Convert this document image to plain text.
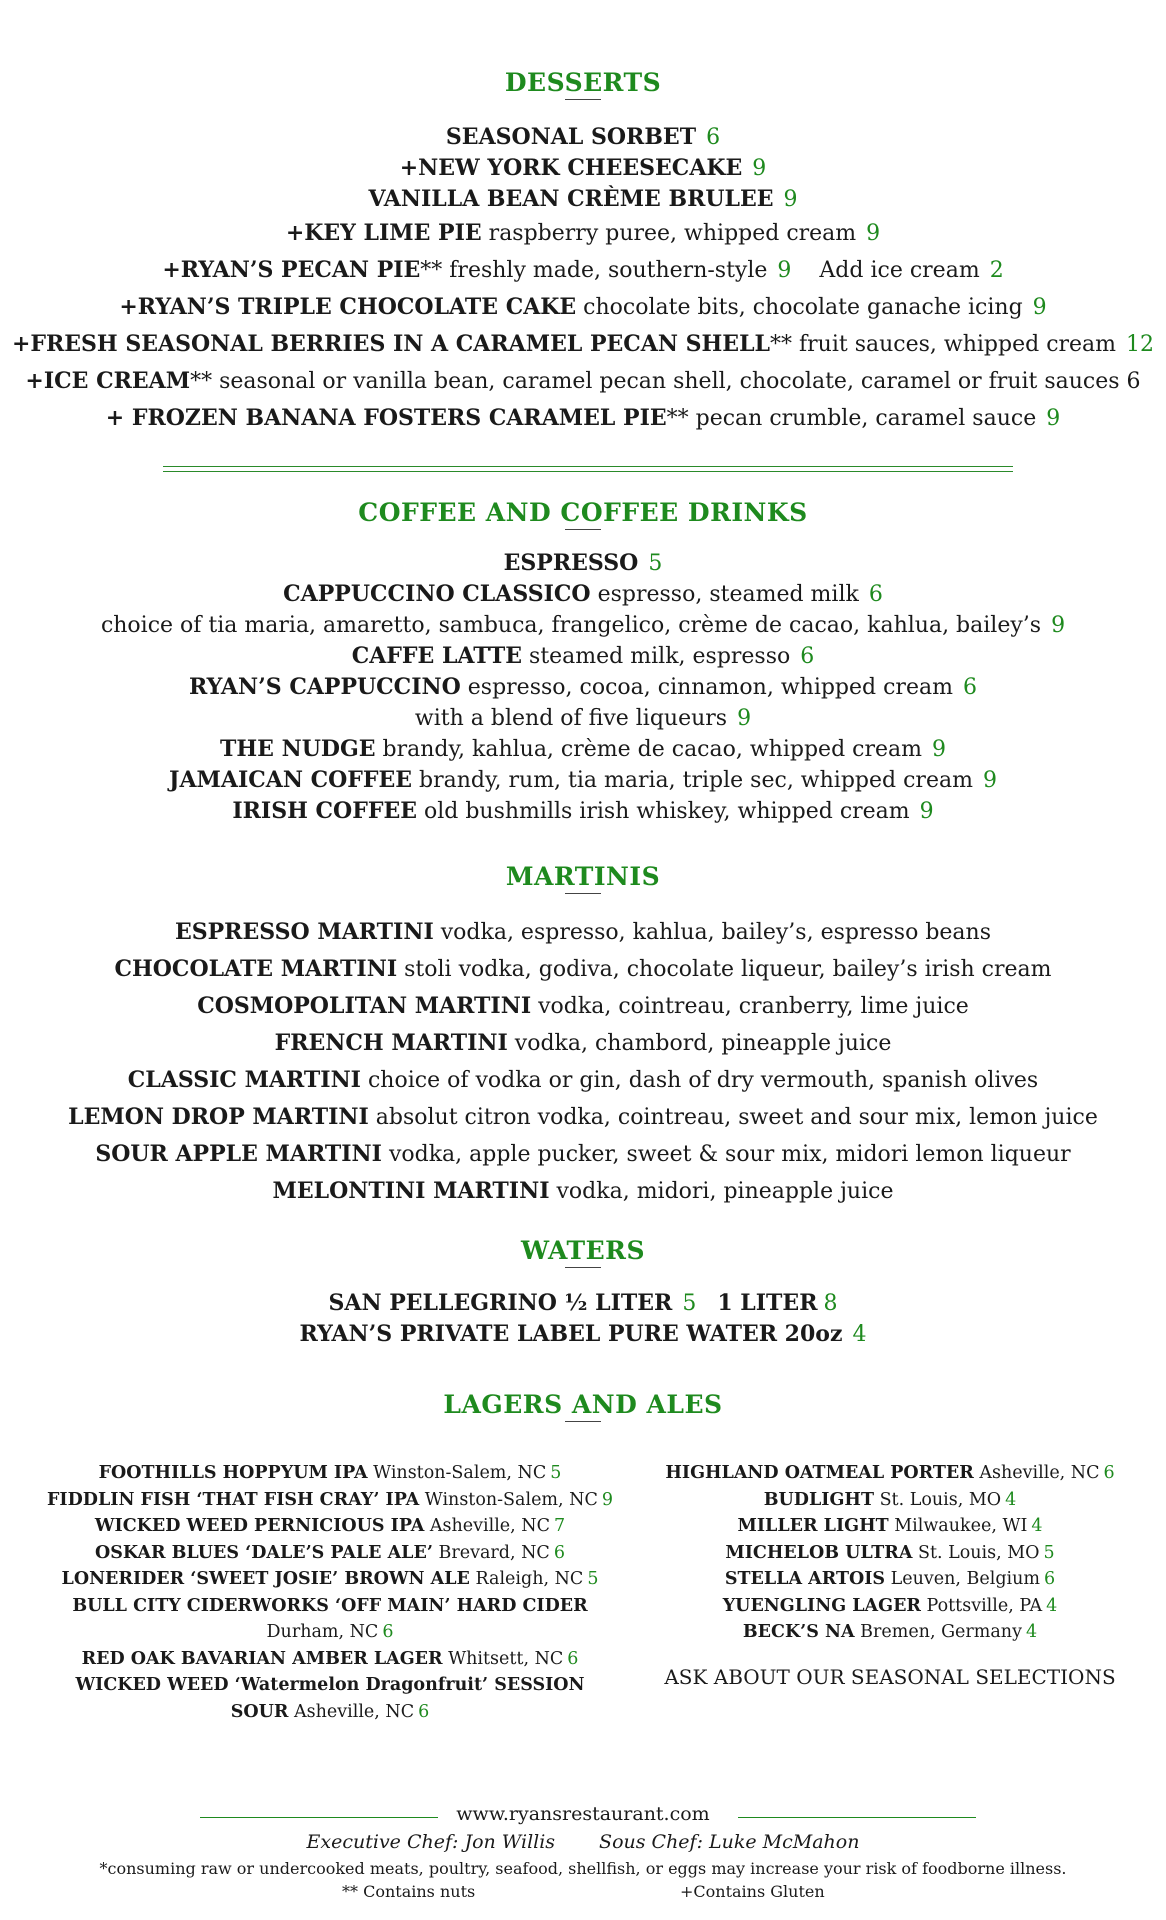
DESSERTS
SEASONAL SORBET 6
+NEW YORK CHEESECAKE 9
VANILLA BEAN CRÈME BRULEE 9
+KEY LIME PIE raspberry puree, whipped cream 9
+RYAN’S PECAN PIE** freshly made, southern-style 9 Add ice cream 2
+RYAN’S TRIPLE CHOCOLATE CAKE chocolate bits, chocolate ganache icing 9
+FRESH SEASONAL BERRIES IN A CARAMEL PECAN SHELL** fruit sauces, whipped cream 12
+ICE CREAM** seasonal or vanilla bean, caramel pecan shell, chocolate, caramel or fruit sauces 6
+ FROZEN BANANA FOSTERS CARAMEL PIE** pecan crumble, caramel sauce 9
COFFEE AND COFFEE DRINKS
ESPRESSO 5
CAPPUCCINO CLASSICO espresso, steamed milk 6
choice of tia maria, amaretto, sambuca, frangelico, crème de cacao, kahlua, bailey’s 9
CAFFE LATTE steamed milk, espresso 6
RYAN’S CAPPUCCINO espresso, cocoa, cinnamon, whipped cream 6
with a blend of five liqueurs 9
THE NUDGE brandy, kahlua, crème de cacao, whipped cream 9
JAMAICAN COFFEE brandy, rum, tia maria, triple sec, whipped cream 9
IRISH COFFEE old bushmills irish whiskey, whipped cream 9
MARTINIS
ESPRESSO MARTINI vodka, espresso, kahlua, bailey’s, espresso beans
CHOCOLATE MARTINI stoli vodka, godiva, chocolate liqueur, bailey’s irish cream
COSMOPOLITAN MARTINI vodka, cointreau, cranberry, lime juice
FRENCH MARTINI vodka, chambord, pineapple juice
CLASSIC MARTINI choice of vodka or gin, dash of dry vermouth, spanish olives
LEMON DROP MARTINI absolut citron vodka, cointreau, sweet and sour mix, lemon juice
SOUR APPLE MARTINI vodka, apple pucker, sweet & sour mix, midori lemon liqueur
MELONTINI MARTINI vodka, midori, pineapple juice
WATERS
SAN PELLEGRINO ½ LITER 5 1 LITER 8
RYAN’S PRIVATE LABEL PURE WATER 20oz 4
LAGERS AND ALES
FOOTHILLS HOPPYUM IPA Winston-Salem, NC 5
FIDDLIN FISH ‘THAT FISH CRAY’ IPA Winston-Salem, NC 9
WICKED WEED PERNICIOUS IPA Asheville, NC 7
OSKAR BLUES ‘DALE’S PALE ALE’ Brevard, NC 6
LONERIDER ‘SWEET JOSIE’ BROWN ALE Raleigh, NC 5
BULL CITY CIDERWORKS ‘OFF MAIN’ HARD CIDER Durham, NC 6
RED OAK BAVARIAN AMBER LAGER Whitsett, NC 6
WICKED WEED ‘Watermelon Dragonfruit’ SESSION SOUR Asheville, NC 6
HIGHLAND OATMEAL PORTER Asheville, NC 6
BUDLIGHT St. Louis, MO 4
MILLER LIGHT Milwaukee, WI 4
MICHELOB ULTRA St. Louis, MO 5
STELLA ARTOIS Leuven, Belgium 6
YUENGLING LAGER Pottsville, PA 4
BECK’S NA Bremen, Germany 4
ASK ABOUT OUR SEASONAL SELECTIONS
www.ryansrestaurant.com
Executive Chef: Jon Willis Sous Chef: Luke McMahon
*consuming raw or undercooked meats, poultry, seafood, shellfish, or eggs may increase your risk of foodborne illness.
** Contains nuts	+Contains Gluten
